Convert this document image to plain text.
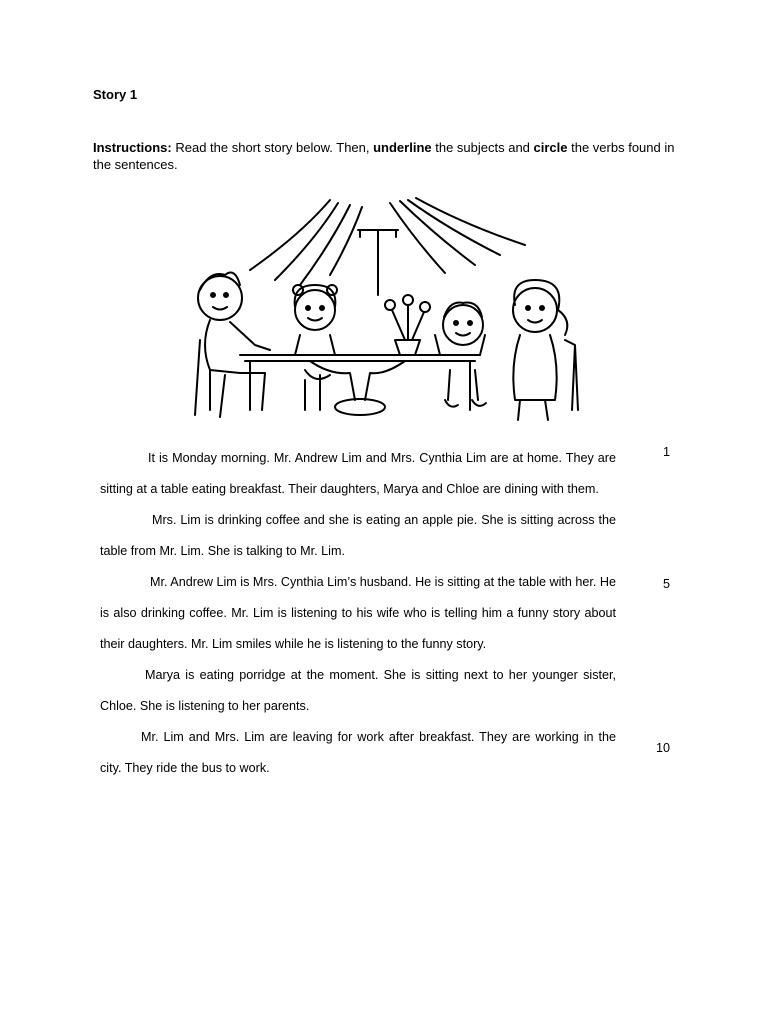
Story 1
Instructions: Read the short story below. Then, underline the subjects and circle the verbs found in the sentences.

It is Monday morning. Mr. Andrew Lim and Mrs. Cynthia Lim are at home. They are sitting at a table eating breakfast. Their daughters, Marya and Chloe are dining with them.

Mrs. Lim is drinking coffee and she is eating an apple pie. She is sitting across the table from Mr. Lim. She is talking to Mr. Lim.

Mr. Andrew Lim is Mrs. Cynthia Lim’s husband. He is sitting at the table with her. He is also drinking coffee. Mr. Lim is listening to his wife who is telling him a funny story about their daughters. Mr. Lim smiles while he is listening to the funny story.

Marya is eating porridge at the moment. She is sitting next to her younger sister, Chloe. She is listening to her parents.

Mr. Lim and Mrs. Lim are leaving for work after breakfast. They are working in the city. They ride the bus to work.

1
5
10
